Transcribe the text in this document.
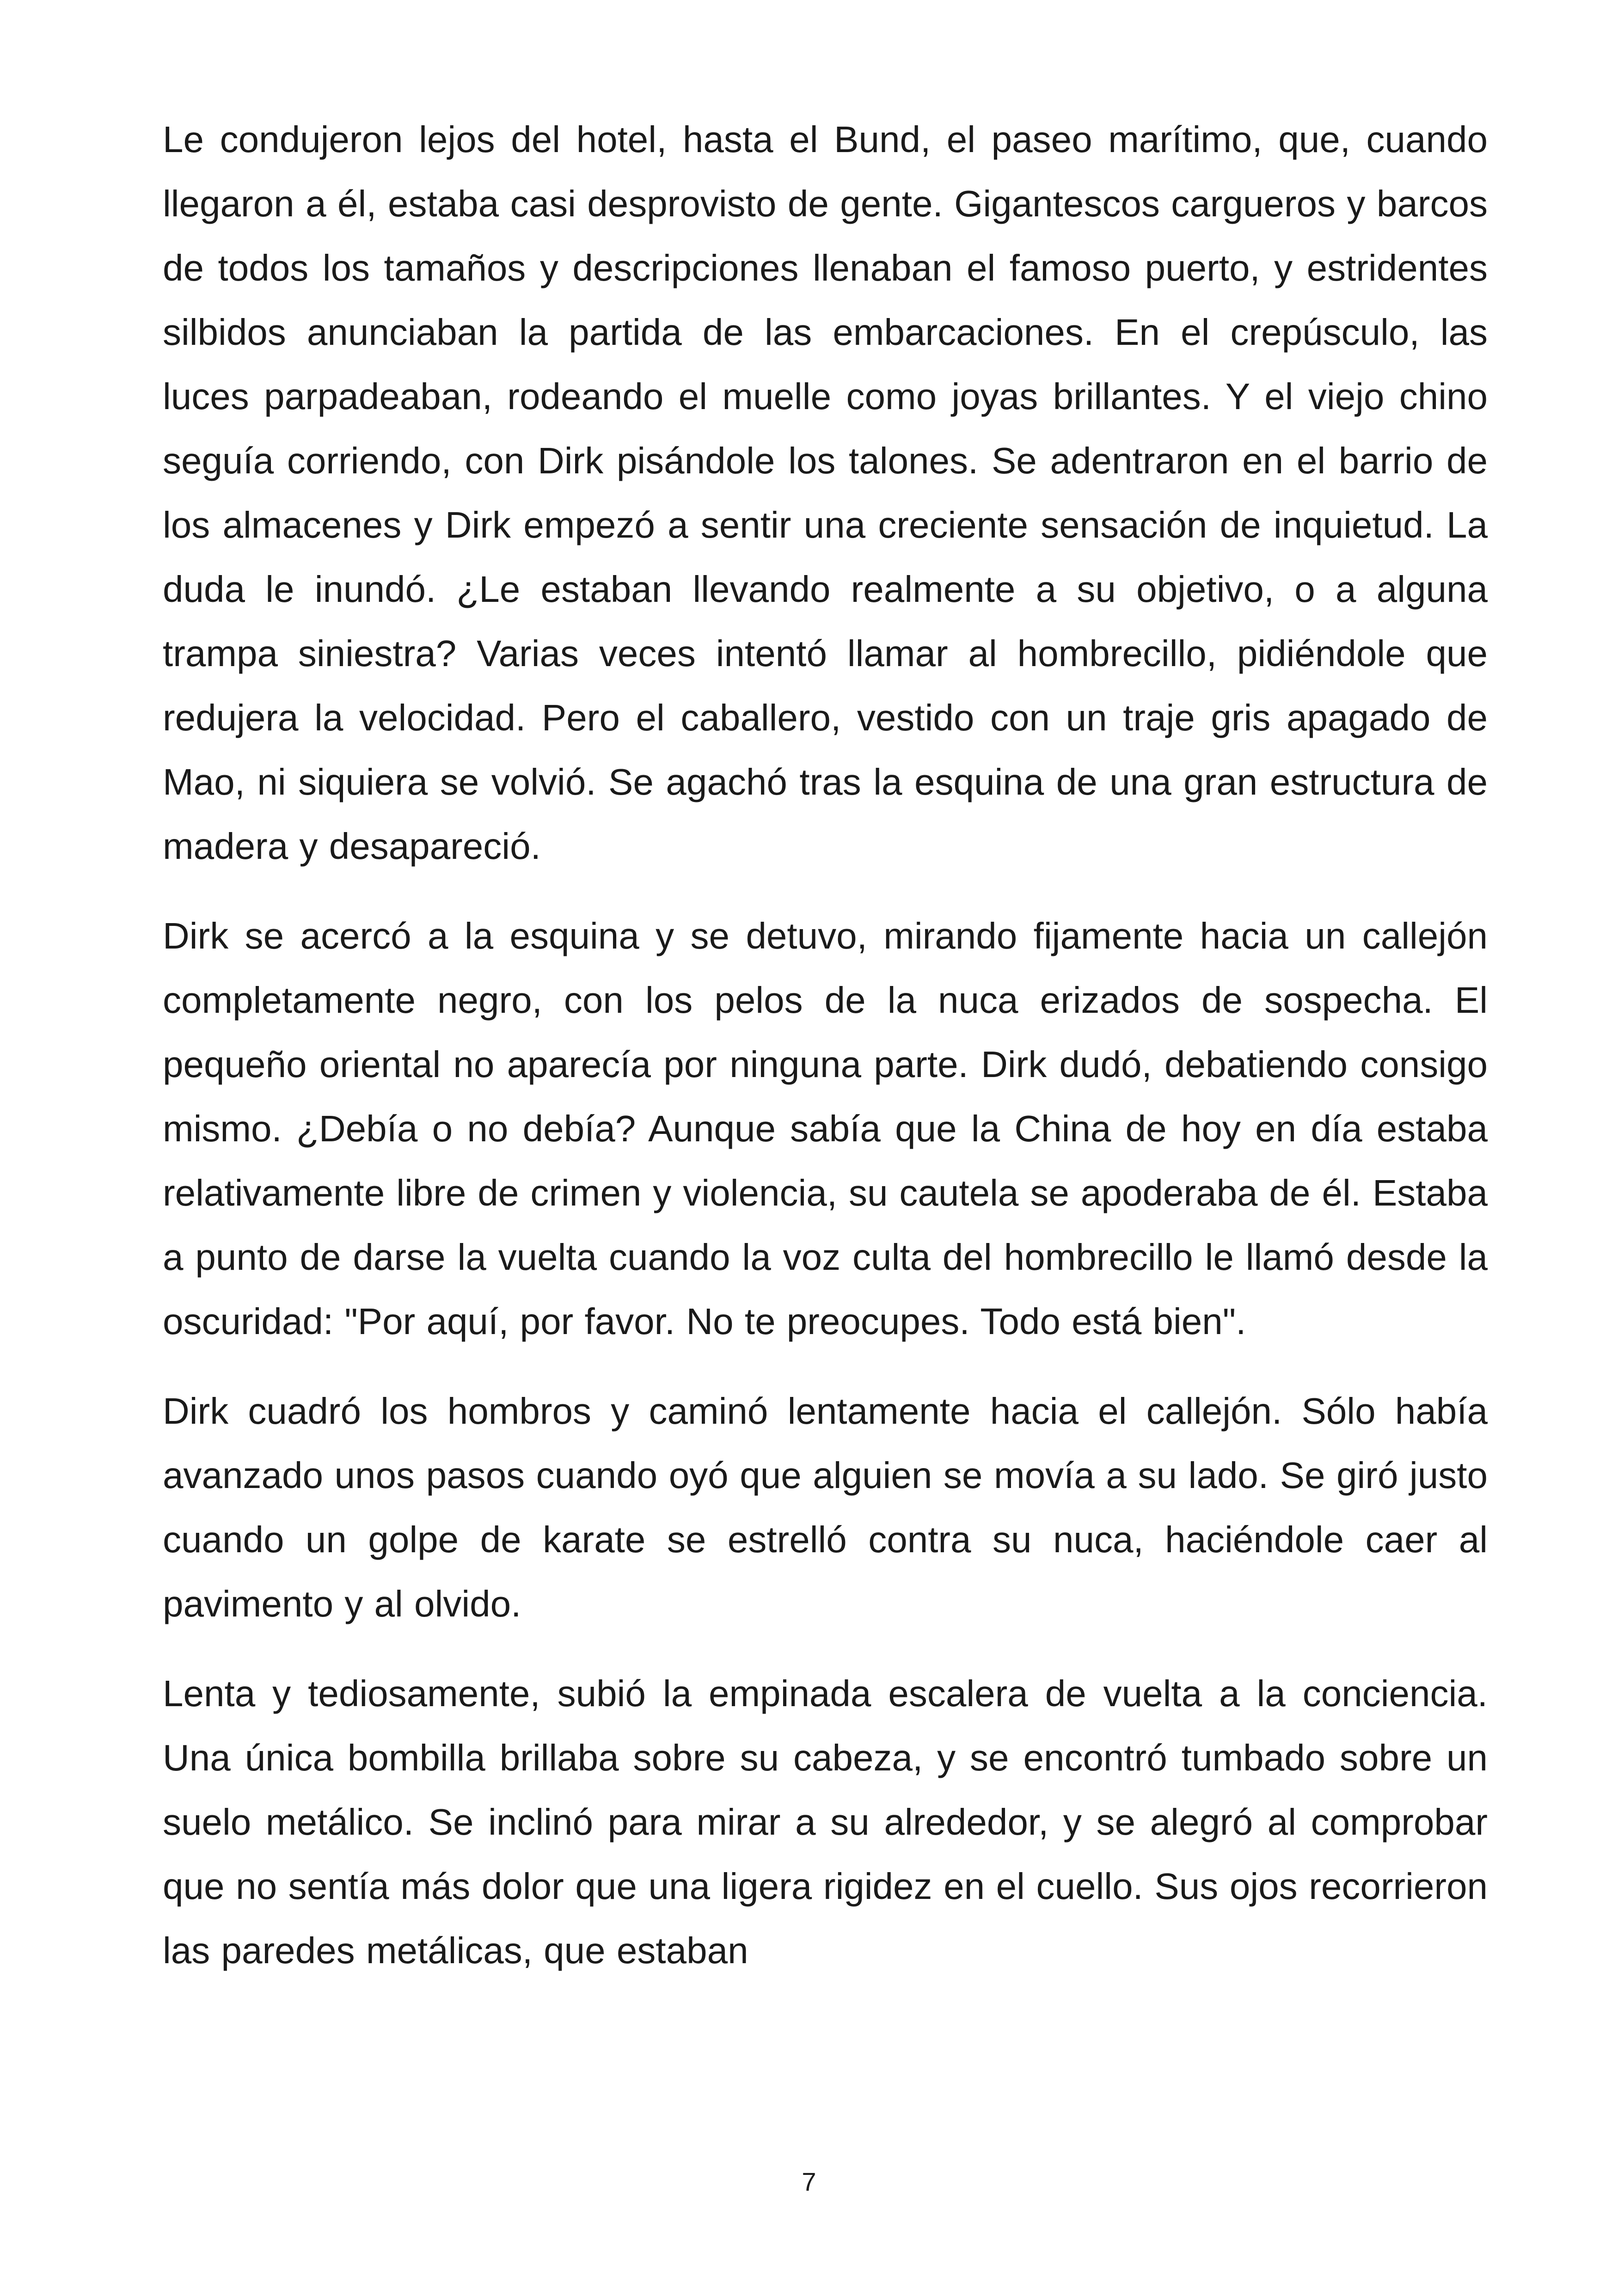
Le condujeron lejos del hotel, hasta el Bund, el paseo marítimo, que, cuando llegaron a él, estaba casi desprovisto de gente. Gigantescos cargueros y barcos de todos los tamaños y descripciones llenaban el famoso puerto, y estridentes silbidos anunciaban la partida de las embarcaciones. En el crepúsculo, las luces parpadeaban, rodeando el muelle como joyas brillantes. Y el viejo chino seguía corriendo, con Dirk pisándole los talones. Se adentraron en el barrio de los almacenes y Dirk empezó a sentir una creciente sensación de inquietud. La duda le inundó. ¿Le estaban llevando realmente a su objetivo, o a alguna trampa siniestra? Varias veces intentó llamar al hombrecillo, pidiéndole que redujera la velocidad. Pero el caballero, vestido con un traje gris apagado de Mao, ni siquiera se volvió. Se agachó tras la esquina de una gran estructura de madera y desapareció.

Dirk se acercó a la esquina y se detuvo, mirando fijamente hacia un callejón completamente negro, con los pelos de la nuca erizados de sospecha. El pequeño oriental no aparecía por ninguna parte. Dirk dudó, debatiendo consigo mismo. ¿Debía o no debía? Aunque sabía que la China de hoy en día estaba relativamente libre de crimen y violencia, su cautela se apoderaba de él. Estaba a punto de darse la vuelta cuando la voz culta del hombrecillo le llamó desde la oscuridad: "Por aquí, por favor. No te preocupes. Todo está bien".

Dirk cuadró los hombros y caminó lentamente hacia el callejón. Sólo había avanzado unos pasos cuando oyó que alguien se movía a su lado. Se giró justo cuando un golpe de karate se estrelló contra su nuca, haciéndole caer al pavimento y al olvido.

Lenta y tediosamente, subió la empinada escalera de vuelta a la conciencia. Una única bombilla brillaba sobre su cabeza, y se encontró tumbado sobre un suelo metálico. Se inclinó para mirar a su alrededor, y se alegró al comprobar que no sentía más dolor que una ligera rigidez en el cuello. Sus ojos recorrieron las paredes metálicas, que estaban

7
